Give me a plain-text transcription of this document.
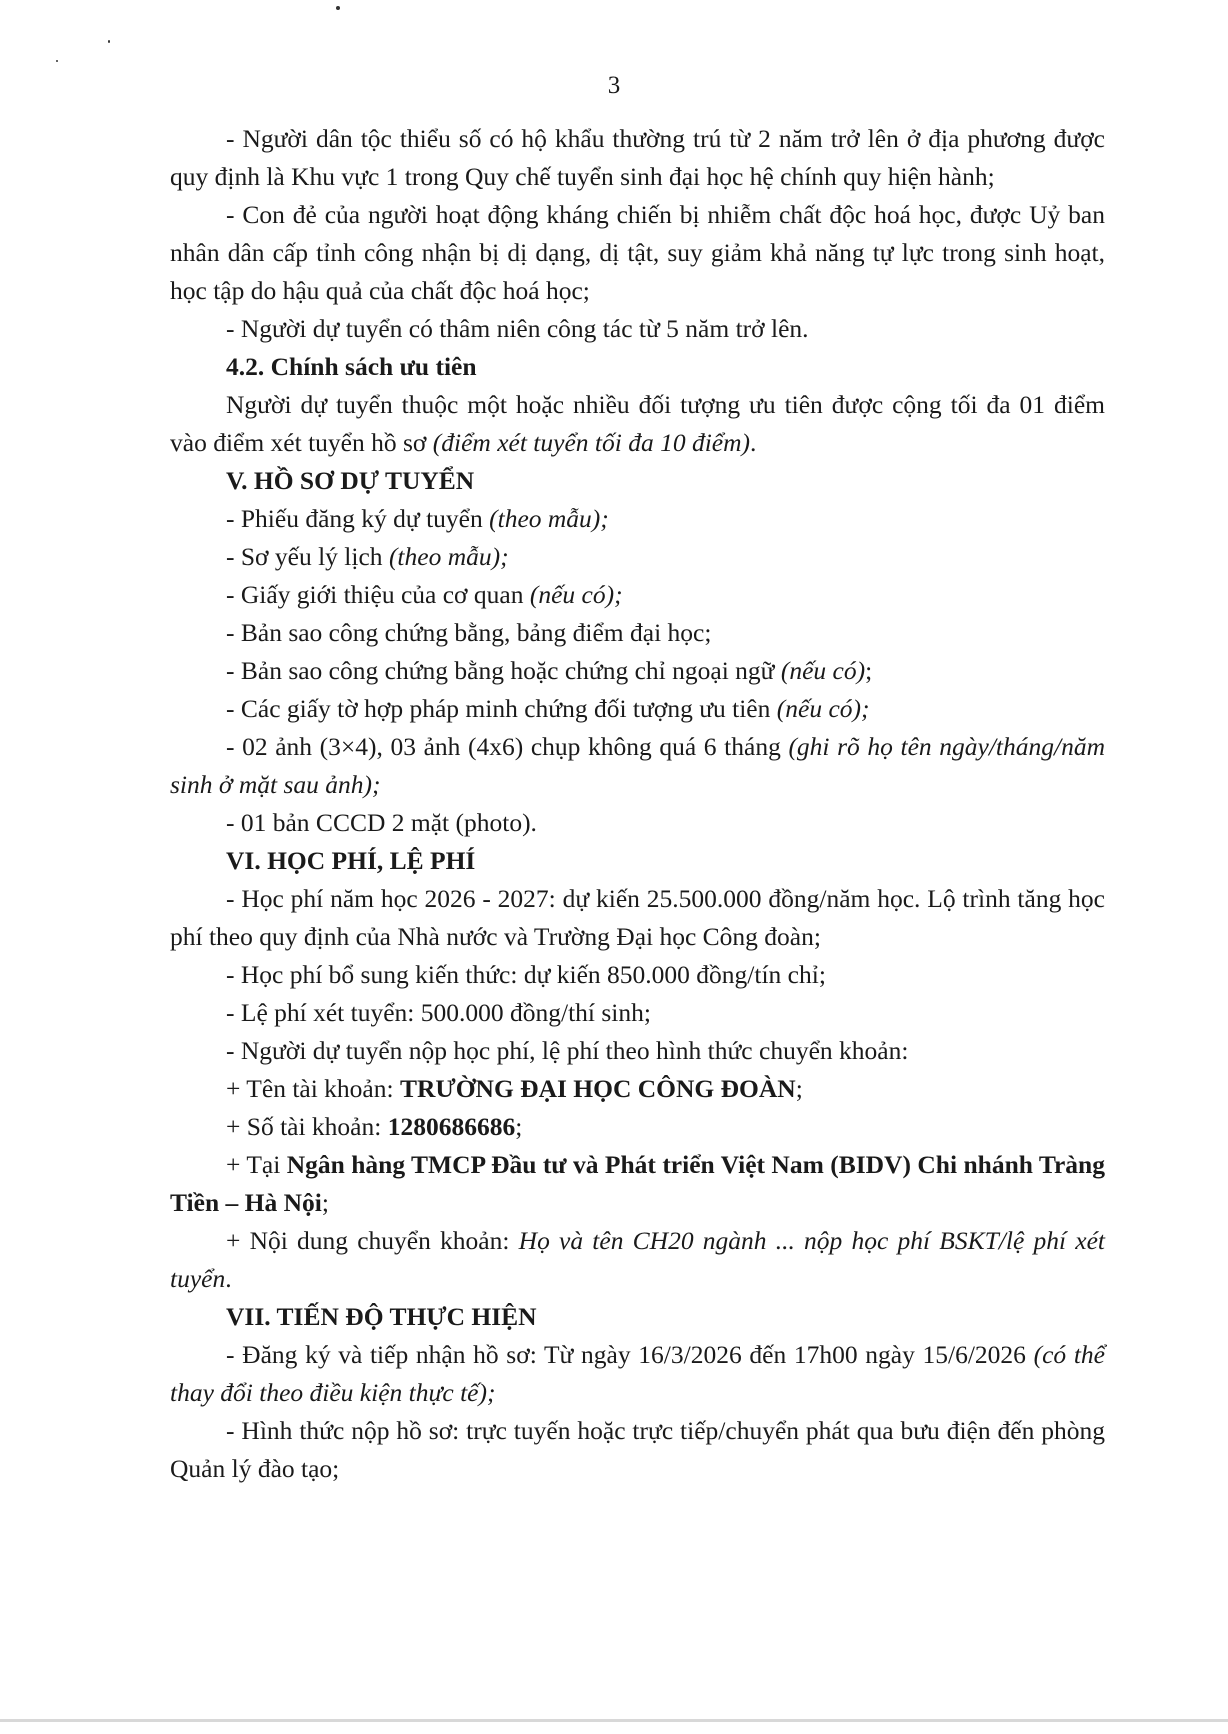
3

- Người dân tộc thiểu số có hộ khẩu thường trú từ 2 năm trở lên ở địa phương được quy định là Khu vực 1 trong Quy chế tuyển sinh đại học hệ chính quy hiện hành;

- Con đẻ của người hoạt động kháng chiến bị nhiễm chất độc hoá học, được Uỷ ban nhân dân cấp tỉnh công nhận bị dị dạng, dị tật, suy giảm khả năng tự lực trong sinh hoạt, học tập do hậu quả của chất độc hoá học;

- Người dự tuyển có thâm niên công tác từ 5 năm trở lên.

4.2. Chính sách ưu tiên

Người dự tuyển thuộc một hoặc nhiều đối tượng ưu tiên được cộng tối đa 01 điểm vào điểm xét tuyển hồ sơ (điểm xét tuyển tối đa 10 điểm).

V. HỒ SƠ DỰ TUYỂN

- Phiếu đăng ký dự tuyển (theo mẫu);

- Sơ yếu lý lịch (theo mẫu);

- Giấy giới thiệu của cơ quan (nếu có);

- Bản sao công chứng bằng, bảng điểm đại học;

- Bản sao công chứng bằng hoặc chứng chỉ ngoại ngữ (nếu có);

- Các giấy tờ hợp pháp minh chứng đối tượng ưu tiên (nếu có);

- 02 ảnh (3×4), 03 ảnh (4x6) chụp không quá 6 tháng (ghi rõ họ tên ngày/tháng/năm sinh ở mặt sau ảnh);

- 01 bản CCCD 2 mặt (photo).

VI. HỌC PHÍ, LỆ PHÍ

- Học phí năm học 2026 - 2027: dự kiến 25.500.000 đồng/năm học. Lộ trình tăng học phí theo quy định của Nhà nước và Trường Đại học Công đoàn;

- Học phí bổ sung kiến thức: dự kiến 850.000 đồng/tín chỉ;

- Lệ phí xét tuyển: 500.000 đồng/thí sinh;

- Người dự tuyển nộp học phí, lệ phí theo hình thức chuyển khoản:

+ Tên tài khoản: TRƯỜNG ĐẠI HỌC CÔNG ĐOÀN;

+ Số tài khoản: 1280686686;

+ Tại Ngân hàng TMCP Đầu tư và Phát triển Việt Nam (BIDV) Chi nhánh Tràng Tiền – Hà Nội;

+ Nội dung chuyển khoản: Họ và tên CH20 ngành ... nộp học phí BSKT/lệ phí xét tuyển.

VII. TIẾN ĐỘ THỰC HIỆN

- Đăng ký và tiếp nhận hồ sơ: Từ ngày 16/3/2026 đến 17h00 ngày 15/6/2026 (có thể thay đổi theo điều kiện thực tế);

- Hình thức nộp hồ sơ: trực tuyến hoặc trực tiếp/chuyển phát qua bưu điện đến phòng Quản lý đào tạo;
